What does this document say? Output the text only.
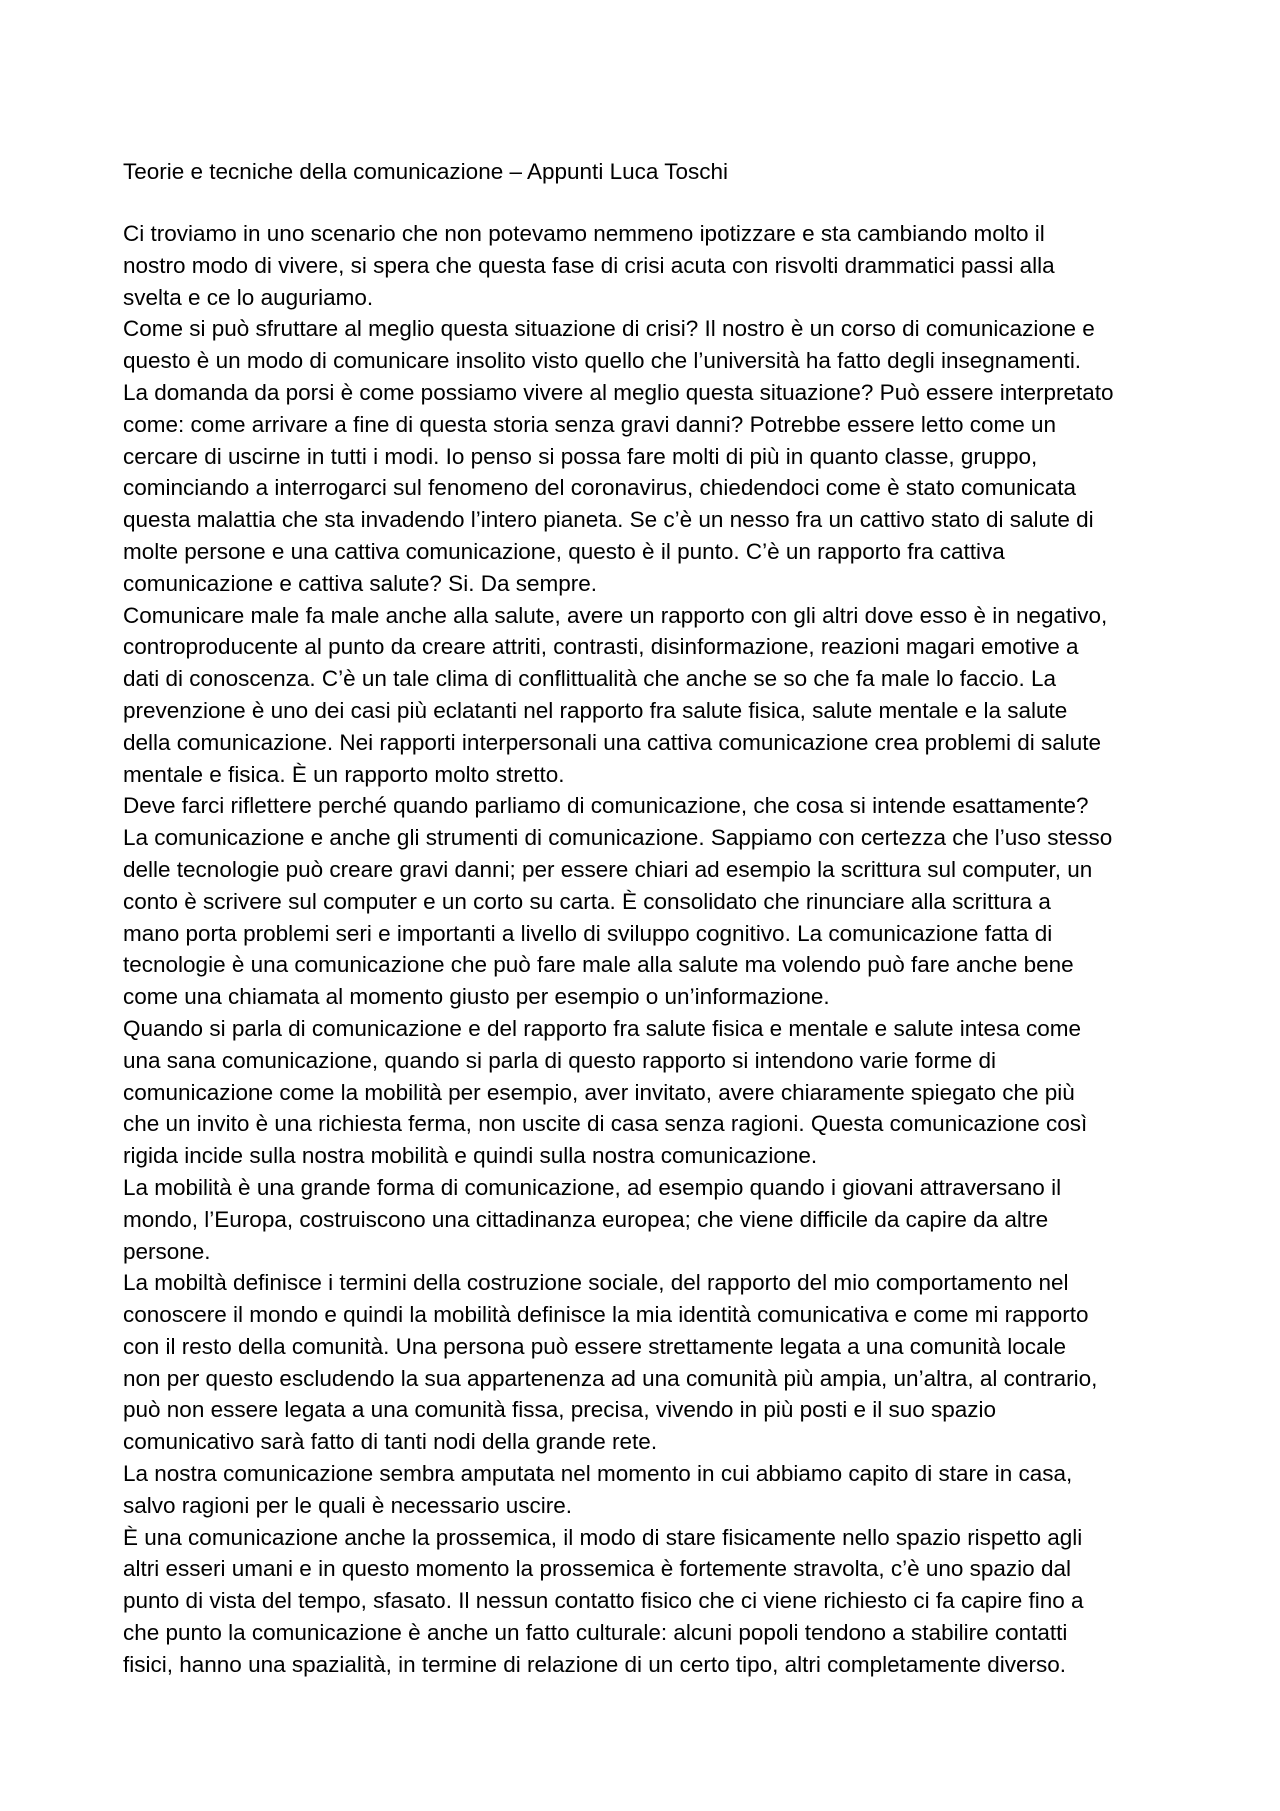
Teorie e tecniche della comunicazione – Appunti Luca Toschi
Ci troviamo in uno scenario che non potevamo nemmeno ipotizzare e sta cambiando molto il
nostro modo di vivere, si spera che questa fase di crisi acuta con risvolti drammatici passi alla
svelta e ce lo auguriamo.
Come si può sfruttare al meglio questa situazione di crisi? Il nostro è un corso di comunicazione e
questo è un modo di comunicare insolito visto quello che l’università ha fatto degli insegnamenti.
La domanda da porsi è come possiamo vivere al meglio questa situazione? Può essere interpretato
come: come arrivare a fine di questa storia senza gravi danni? Potrebbe essere letto come un
cercare di uscirne in tutti i modi. Io penso si possa fare molti di più in quanto classe, gruppo,
cominciando a interrogarci sul fenomeno del coronavirus, chiedendoci come è stato comunicata
questa malattia che sta invadendo l’intero pianeta. Se c’è un nesso fra un cattivo stato di salute di
molte persone e una cattiva comunicazione, questo è il punto. C’è un rapporto fra cattiva
comunicazione e cattiva salute? Si. Da sempre.
Comunicare male fa male anche alla salute, avere un rapporto con gli altri dove esso è in negativo,
controproducente al punto da creare attriti, contrasti, disinformazione, reazioni magari emotive a
dati di conoscenza. C’è un tale clima di conflittualità che anche se so che fa male lo faccio. La
prevenzione è uno dei casi più eclatanti nel rapporto fra salute fisica, salute mentale e la salute
della comunicazione. Nei rapporti interpersonali una cattiva comunicazione crea problemi di salute
mentale e fisica. È un rapporto molto stretto.
Deve farci riflettere perché quando parliamo di comunicazione, che cosa si intende esattamente?
La comunicazione e anche gli strumenti di comunicazione. Sappiamo con certezza che l’uso stesso
delle tecnologie può creare gravi danni; per essere chiari ad esempio la scrittura sul computer, un
conto è scrivere sul computer e un corto su carta. È consolidato che rinunciare alla scrittura a
mano porta problemi seri e importanti a livello di sviluppo cognitivo. La comunicazione fatta di
tecnologie è una comunicazione che può fare male alla salute ma volendo può fare anche bene
come una chiamata al momento giusto per esempio o un’informazione.
Quando si parla di comunicazione e del rapporto fra salute fisica e mentale e salute intesa come
una sana comunicazione, quando si parla di questo rapporto si intendono varie forme di
comunicazione come la mobilità per esempio, aver invitato, avere chiaramente spiegato che più
che un invito è una richiesta ferma, non uscite di casa senza ragioni. Questa comunicazione così
rigida incide sulla nostra mobilità e quindi sulla nostra comunicazione.
La mobilità è una grande forma di comunicazione, ad esempio quando i giovani attraversano il
mondo, l’Europa, costruiscono una cittadinanza europea; che viene difficile da capire da altre
persone.
La mobiltà definisce i termini della costruzione sociale, del rapporto del mio comportamento nel
conoscere il mondo e quindi la mobilità definisce la mia identità comunicativa e come mi rapporto
con il resto della comunità. Una persona può essere strettamente legata a una comunità locale
non per questo escludendo la sua appartenenza ad una comunità più ampia, un’altra, al contrario,
può non essere legata a una comunità fissa, precisa, vivendo in più posti e il suo spazio
comunicativo sarà fatto di tanti nodi della grande rete.
La nostra comunicazione sembra amputata nel momento in cui abbiamo capito di stare in casa,
salvo ragioni per le quali è necessario uscire.
È una comunicazione anche la prossemica, il modo di stare fisicamente nello spazio rispetto agli
altri esseri umani e in questo momento la prossemica è fortemente stravolta, c’è uno spazio dal
punto di vista del tempo, sfasato. Il nessun contatto fisico che ci viene richiesto ci fa capire fino a
che punto la comunicazione è anche un fatto culturale: alcuni popoli tendono a stabilire contatti
fisici, hanno una spazialità, in termine di relazione di un certo tipo, altri completamente diverso.
